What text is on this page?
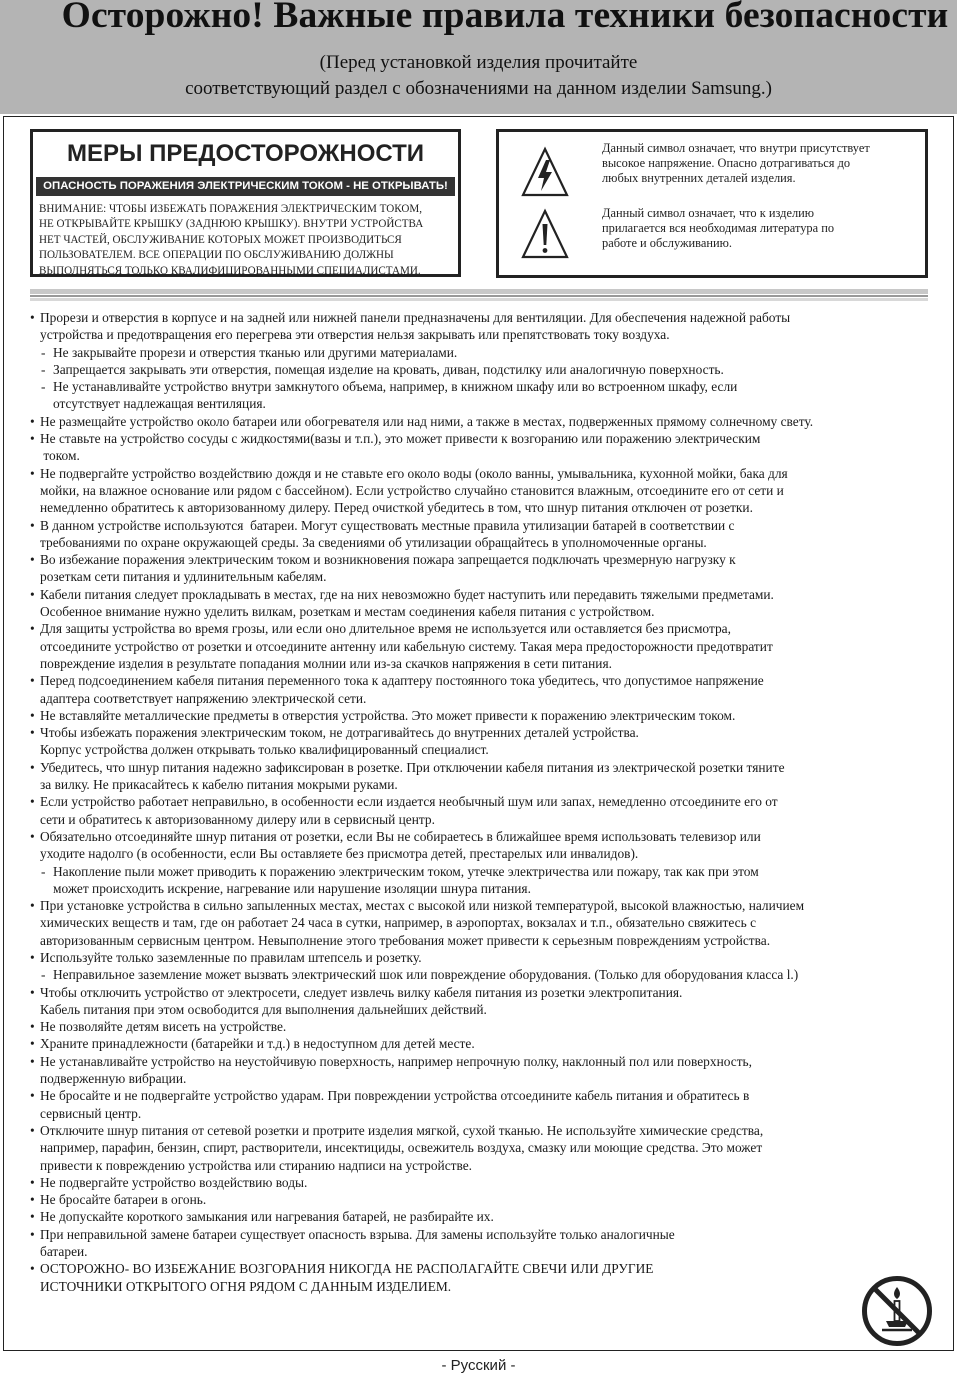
Осторожно! Важные правила техники безопасности
(Перед установкой изделия прочитайте
соответствующий раздел с обозначениями на данном изделии Samsung.)
МЕРЫ ПРЕДОСТОРОЖНОСТИ
ОПАСНОСТЬ ПОРАЖЕНИЯ ЭЛЕКТРИЧЕСКИМ ТОКОМ - НЕ ОТКРЫВАТЬ!
ВНИМАНИЕ: ЧТОБЫ ИЗБЕЖАТЬ ПОРАЖЕНИЯ ЭЛЕКТРИЧЕСКИМ ТОКОМ,
НЕ ОТКРЫВАЙТЕ КРЫШКУ (ЗАДНЮЮ КРЫШКУ). ВНУТРИ УСТРОЙСТВА
НЕТ ЧАСТЕЙ, ОБСЛУЖИВАНИЕ КОТОРЫХ МОЖЕТ ПРОИЗВОДИТЬСЯ
ПОЛЬЗОВАТЕЛЕМ. ВСЕ ОПЕРАЦИИ ПО ОБСЛУЖИВАНИЮ ДОЛЖНЫ
ВЫПОЛНЯТЬСЯ ТОЛЬКО КВАЛИФИЦИРОВАННЫМИ СПЕЦИАЛИСТАМИ.
Данный символ означает, что внутри присутствует
высокое напряжение. Опасно дотрагиваться до
любых внутренних деталей изделия.
Данный символ означает, что к изделию
прилагается вся необходимая литература по
работе и обслуживанию.
• Прорези и отверстия в корпусе и на задней или нижней панели предназначены для вентиляции. Для обеспечения надежной работы
устройства и предотвращения его перегрева эти отверстия нельзя закрывать или препятствовать току воздуха.
- Не закрывайте прорези и отверстия тканью или другими материалами.
- Запрещается закрывать эти отверстия, помещая изделие на кровать, диван, подстилку или аналогичную поверхность.
- Не устанавливайте устройство внутри замкнутого объема, например, в книжном шкафу или во встроенном шкафу, если
отсутствует надлежащая вентиляция.
• Не размещайте устройство около батареи или обогревателя или над ними, а также в местах, подверженных прямому солнечному свету.
• Не ставьте на устройство сосуды с жидкостями(вазы и т.п.), это может привести к возгоранию или поражению электрическим
током.
• Не подвергайте устройство воздействию дождя и не ставьте его около воды (около ванны, умывальника, кухонной мойки, бака для
мойки, на влажное основание или рядом с бассейном). Если устройство случайно становится влажным, отсоедините его от сети и
немедленно обратитесь к авторизованному дилеру. Перед очисткой убедитесь в том, что шнур питания отключен от розетки.
• В данном устройстве используются  батареи. Могут существовать местные правила утилизации батарей в соответствии с
требованиями по охране окружающей среды. За сведениями об утилизации обращайтесь в уполномоченные органы.
• Во избежание поражения электрическим током и возникновения пожара запрещается подключать чрезмерную нагрузку к
розеткам сети питания и удлинительным кабелям.
• Кабели питания следует прокладывать в местах, где на них невозможно будет наступить или передавить тяжелыми предметами.
Особенное внимание нужно уделить вилкам, розеткам и местам соединения кабеля питания с устройством.
• Для защиты устройства во время грозы, или если оно длительное время не используется или оставляется без присмотра,
отсоедините устройство от розетки и отсоедините антенну или кабельную систему. Такая мера предосторожности предотвратит
повреждение изделия в результате попадания молнии или из-за скачков напряжения в сети питания.
• Перед подсоединением кабеля питания переменного тока к адаптеру постоянного тока убедитесь, что допустимое напряжение
адаптера соответствует напряжению электрической сети.
• Не вставляйте металлические предметы в отверстия устройства. Это может привести к поражению электрическим током.
• Чтобы избежать поражения электрическим током, не дотрагивайтесь до внутренних деталей устройства.
Корпус устройства должен открывать только квалифицированный специалист.
• Убедитесь, что шнур питания надежно зафиксирован в розетке. При отключении кабеля питания из электрической розетки тяните
за вилку. Не прикасайтесь к кабелю питания мокрыми руками.
• Если устройство работает неправильно, в особенности если издается необычный шум или запах, немедленно отсоедините его от
сети и обратитесь к авторизованному дилеру или в сервисный центр.
• Обязательно отсоединяйте шнур питания от розетки, если Вы не собираетесь в ближайшее время использовать телевизор или
уходите надолго (в особенности, если Вы оставляете без присмотра детей, престарелых или инвалидов).
- Накопление пыли может приводить к поражению электрическим током, утечке электричества или пожару, так как при этом
может происходить искрение, нагревание или нарушение изоляции шнура питания.
• При установке устройства в сильно запыленных местах, местах с высокой или низкой температурой, высокой влажностью, наличием
химических веществ и там, где он работает 24 часа в сутки, например, в аэропортах, вокзалах и т.п., обязательно свяжитесь с
авторизованным сервисным центром. Невыполнение этого требования может привести к серьезным повреждениям устройства.
• Используйте только заземленные по правилам штепсель и розетку.
- Неправильное заземление может вызвать электрический шок или повреждение оборудования. (Только для оборудования класса l.)
• Чтобы отключить устройство от электросети, следует извлечь вилку кабеля питания из розетки электропитания.
Кабель питания при этом освободится для выполнения дальнейших действий.
• Не позволяйте детям висеть на устройстве.
• Храните принадлежности (батарейки и т.д.) в недоступном для детей месте.
• Не устанавливайте устройство на неустойчивую поверхность, например непрочную полку, наклонный пол или поверхность,
подверженную вибрации.
• Не бросайте и не подвергайте устройство ударам. При повреждении устройства отсоедините кабель питания и обратитесь в
сервисный центр.
• Отключите шнур питания от сетевой розетки и протрите изделия мягкой, сухой тканью. Не используйте химические средства,
например, парафин, бензин, спирт, растворители, инсектициды, освежитель воздуха, смазку или моющие средства. Это может
привести к повреждению устройства или стиранию надписи на устройстве.
• Не подвергайте устройство воздействию воды.
• Не бросайте батареи в огонь.
• Не допускайте короткого замыкания или нагревания батарей, не разбирайте их.
• При неправильной замене батареи существует опасность взрыва. Для замены используйте только аналогичные
батареи.
• ОСТОРОЖНО- ВО ИЗБЕЖАНИЕ ВОЗГОРАНИЯ НИКОГДА НЕ РАСПОЛАГАЙТЕ СВЕЧИ ИЛИ ДРУГИЕ
ИСТОЧНИКИ ОТКРЫТОГО ОГНЯ РЯДОМ С ДАННЫМ ИЗДЕЛИЕМ.
- Русский -
